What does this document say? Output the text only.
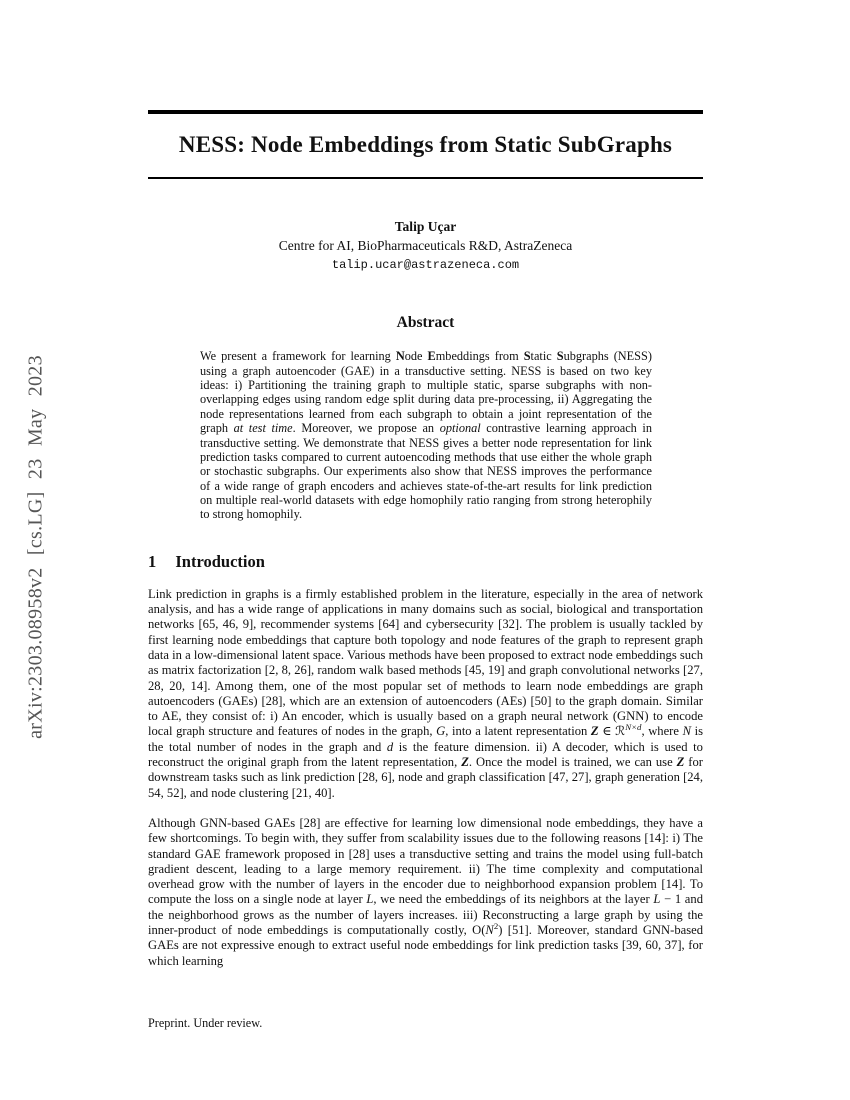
arXiv:2303.08958v2 [cs.LG] 23 May 2023
NESS: Node Embeddings from Static SubGraphs
Talip Uçar
Centre for AI, BioPharmaceuticals R&D, AstraZeneca
talip.ucar@astrazeneca.com
Abstract

We present a framework for learning Node Embeddings from Static Subgraphs (NESS) using a graph autoencoder (GAE) in a transductive setting. NESS is based on two key ideas: i) Partitioning the training graph to multiple static, sparse subgraphs with non-overlapping edges using random edge split during data pre-processing, ii) Aggregating the node representations learned from each subgraph to obtain a joint representation of the graph at test time. Moreover, we propose an optional contrastive learning approach in transductive setting. We demonstrate that NESS gives a better node representation for link prediction tasks compared to current autoencoding methods that use either the whole graph or stochastic subgraphs. Our experiments also show that NESS improves the performance of a wide range of graph encoders and achieves state-of-the-art results for link prediction on multiple real-world datasets with edge homophily ratio ranging from strong heterophily to strong homophily.

1 Introduction

Link prediction in graphs is a firmly established problem in the literature, especially in the area of network analysis, and has a wide range of applications in many domains such as social, biological and transportation networks [65, 46, 9], recommender systems [64] and cybersecurity [32]. The problem is usually tackled by first learning node embeddings that capture both topology and node features of the graph to represent graph data in a low-dimensional latent space. Various methods have been proposed to extract node embeddings such as matrix factorization [2, 8, 26], random walk based methods [45, 19] and graph convolutional networks [27, 28, 20, 14]. Among them, one of the most popular set of methods to learn node embeddings are graph autoencoders (GAEs) [28], which are an extension of autoencoders (AEs) [50] to the graph domain. Similar to AE, they consist of: i) An encoder, which is usually based on a graph neural network (GNN) to encode local graph structure and features of nodes in the graph, G, into a latent representation Z ∈ ℛ$^{N\times d}$, where N is the total number of nodes in the graph and d is the feature dimension. ii) A decoder, which is used to reconstruct the original graph from the latent representation, Z. Once the model is trained, we can use Z for downstream tasks such as link prediction [28, 6], node and graph classification [47, 27], graph generation [24, 54, 52], and node clustering [21, 40].

Although GNN-based GAEs [28] are effective for learning low dimensional node embeddings, they have a few shortcomings. To begin with, they suffer from scalability issues due to the following reasons [14]: i) The standard GAE framework proposed in [28] uses a transductive setting and trains the model using full-batch gradient descent, leading to a large memory requirement. ii) The time complexity and computational overhead grow with the number of layers in the encoder due to neighborhood expansion problem [14]. To compute the loss on a single node at layer L, we need the embeddings of its neighbors at the layer L − 1 and the neighborhood grows as the number of layers increases. iii) Reconstructing a large graph by using the inner-product of node embeddings is computationally costly, $O(N^2)$ [51]. Moreover, standard GNN-based GAEs are not expressive enough to extract useful node embeddings for link prediction tasks [39, 60, 37], for which learning

Preprint. Under review.
